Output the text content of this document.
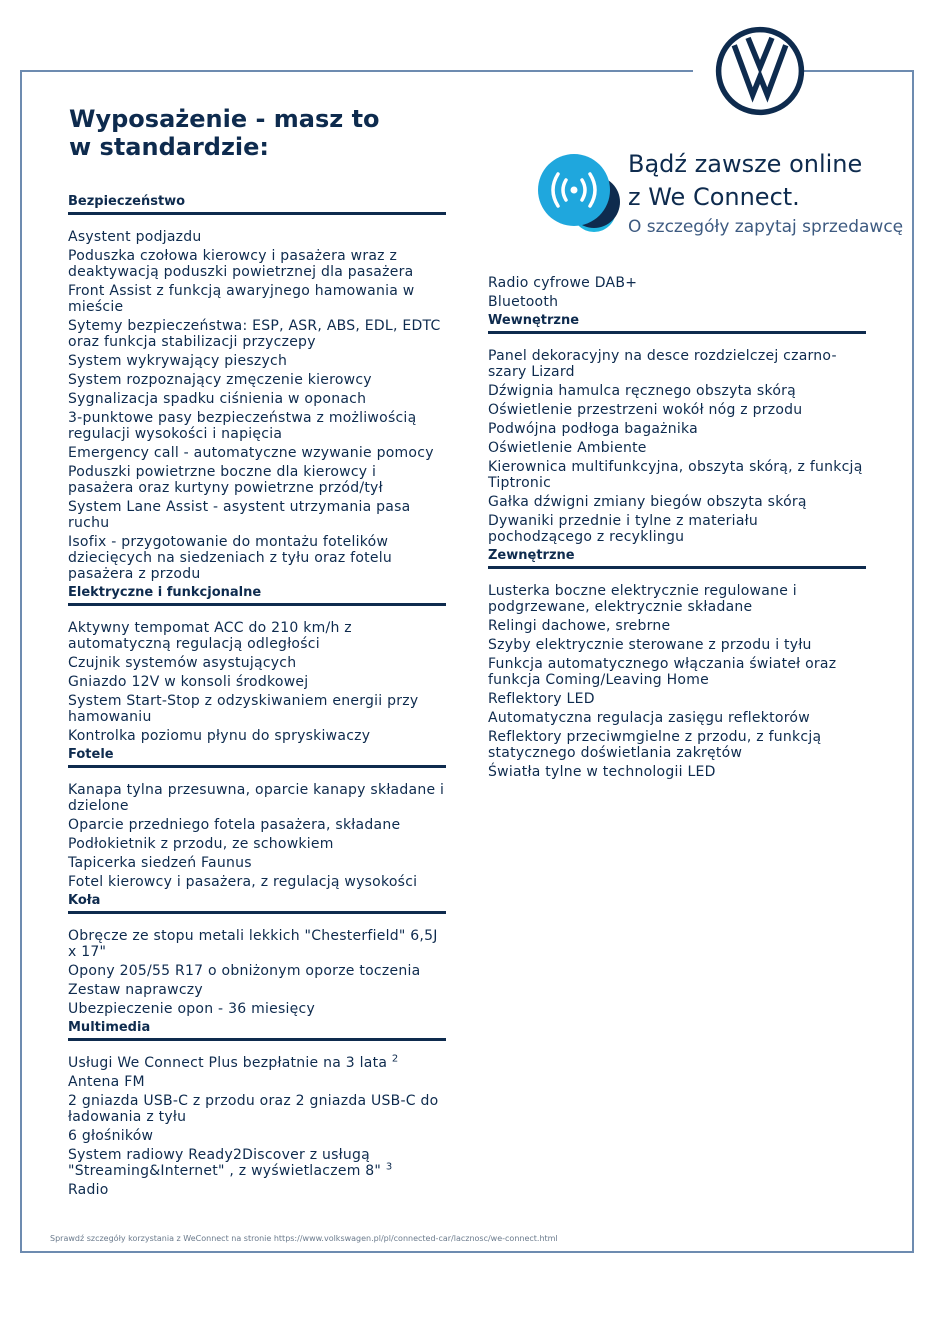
Wyposażenie - masz to w standardzie:
Bądź zawsze online
z We Connect.
O szczegóły zapytaj sprzedawcę
Bezpieczeństwo
Asystent podjazdu
Poduszka czołowa kierowcy i pasażera wraz z deaktywacją poduszki powietrznej dla pasażera
Front Assist z funkcją awaryjnego hamowania w mieście
Sytemy bezpieczeństwa: ESP, ASR, ABS, EDL, EDTC oraz funkcja stabilizacji przyczepy
System wykrywający pieszych
System rozpoznający zmęczenie kierowcy
Sygnalizacja spadku ciśnienia w oponach
3-punktowe pasy bezpieczeństwa z możliwością regulacji wysokości i napięcia
Emergency call - automatyczne wzywanie pomocy
Poduszki powietrzne boczne dla kierowcy i pasażera oraz kurtyny powietrzne przód/tył
System Lane Assist - asystent utrzymania pasa ruchu
Isofix - przygotowanie do montażu fotelików dziecięcych na siedzeniach z tyłu oraz fotelu pasażera z przodu
Elektryczne i funkcjonalne
Aktywny tempomat ACC do 210 km/h z automatyczną regulacją odległości
Czujnik systemów asystujących
Gniazdo 12V w konsoli środkowej
System Start-Stop z odzyskiwaniem energii przy hamowaniu
Kontrolka poziomu płynu do spryskiwaczy
Fotele
Kanapa tylna przesuwna, oparcie kanapy składane i dzielone
Oparcie przedniego fotela pasażera, składane
Podłokietnik z przodu, ze schowkiem
Tapicerka siedzeń Faunus
Fotel kierowcy i pasażera, z regulacją wysokości
Koła
Obręcze ze stopu metali lekkich "Chesterfield" 6,5J x 17"
Opony 205/55 R17 o obniżonym oporze toczenia
Zestaw naprawczy
Ubezpieczenie opon - 36 miesięcy
Multimedia
Usługi We Connect Plus bezpłatnie na 3 lata $^2$
Antena FM
2 gniazda USB-C z przodu oraz 2 gniazda USB-C do ładowania z tyłu
6 głośników
System radiowy Ready2Discover z usługą "Streaming&Internet" , z wyświetlaczem 8" $^3$
Radio
Radio cyfrowe DAB+
Bluetooth
Wewnętrzne
Panel dekoracyjny na desce rozdzielczej czarno-szary Lizard
Dźwignia hamulca ręcznego obszyta skórą
Oświetlenie przestrzeni wokół nóg z przodu
Podwójna podłoga bagażnika
Oświetlenie Ambiente
Kierownica multifunkcyjna, obszyta skórą, z funkcją Tiptronic
Gałka dźwigni zmiany biegów obszyta skórą
Dywaniki przednie i tylne z materiału pochodzącego z recyklingu
Zewnętrzne
Lusterka boczne elektrycznie regulowane i podgrzewane, elektrycznie składane
Relingi dachowe, srebrne
Szyby elektrycznie sterowane z przodu i tyłu
Funkcja automatycznego włączania świateł oraz funkcja Coming/Leaving Home
Reflektory LED
Automatyczna regulacja zasięgu reflektorów
Reflektory przeciwmgielne z przodu, z funkcją statycznego doświetlania zakrętów
Światła tylne w technologii LED
Sprawdź szczegóły korzystania z WeConnect na stronie https://www.volkswagen.pl/pl/connected-car/lacznosc/we-connect.html
